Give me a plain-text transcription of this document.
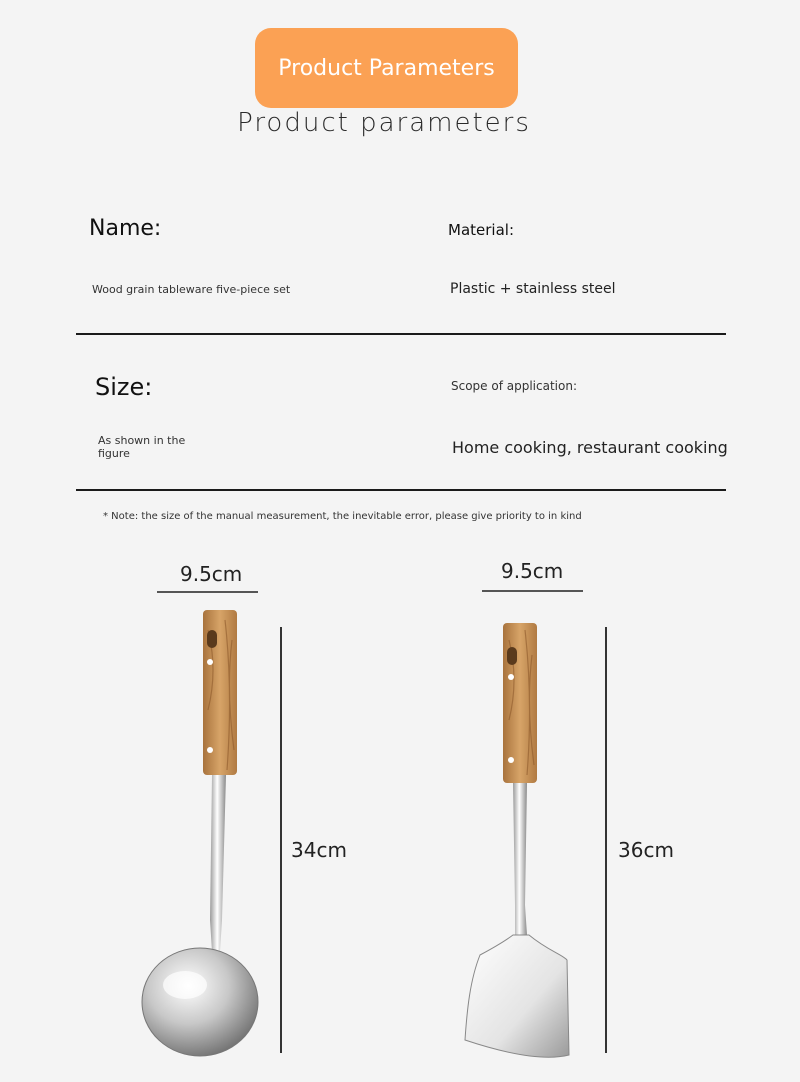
Product Parameters
Product parameters
Name:	Material:
Wood grain tableware five-piece set	Plastic + stainless steel
Size:	Scope of application:
As shown in the figure	Home cooking, restaurant cooking
* Note: the size of the manual measurement, the inevitable error, please give priority to in kind
9.5cm
34cm
9.5cm
36cm
